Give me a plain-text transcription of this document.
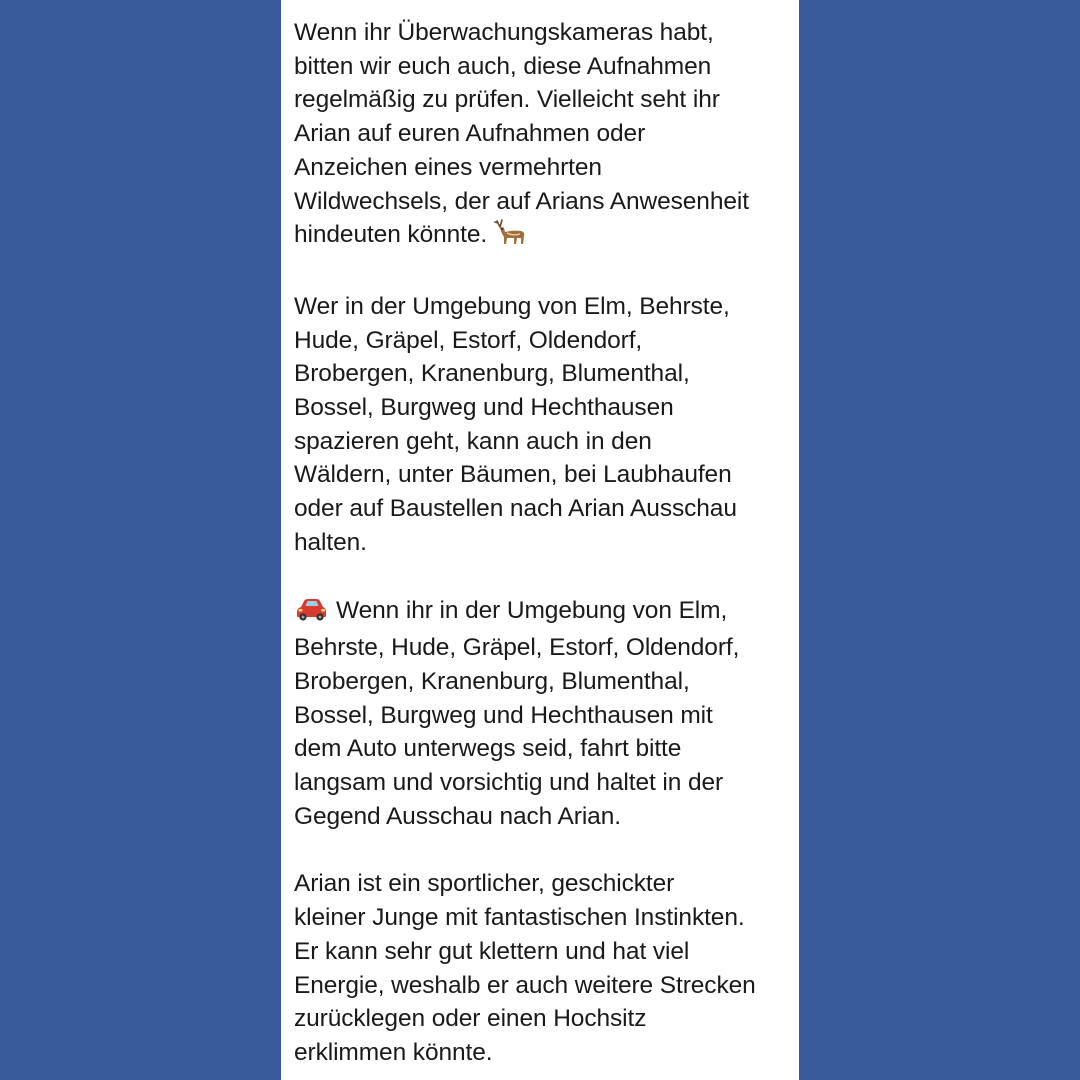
Wenn ihr Überwachungskameras habt,
bitten wir euch auch, diese Aufnahmen
regelmäßig zu prüfen. Vielleicht seht ihr
Arian auf euren Aufnahmen oder
Anzeichen eines vermehrten
Wildwechsels, der auf Arians Anwesenheit
hindeuten könnte.

Wer in der Umgebung von Elm, Behrste,
Hude, Gräpel, Estorf, Oldendorf,
Brobergen, Kranenburg, Blumenthal,
Bossel, Burgweg und Hechthausen
spazieren geht, kann auch in den
Wäldern, unter Bäumen, bei Laubhaufen
oder auf Baustellen nach Arian Ausschau
halten.

Wenn ihr in der Umgebung von Elm,
Behrste, Hude, Gräpel, Estorf, Oldendorf,
Brobergen, Kranenburg, Blumenthal,
Bossel, Burgweg und Hechthausen mit
dem Auto unterwegs seid, fahrt bitte
langsam und vorsichtig und haltet in der
Gegend Ausschau nach Arian.

Arian ist ein sportlicher, geschickter
kleiner Junge mit fantastischen Instinkten.
Er kann sehr gut klettern und hat viel
Energie, weshalb er auch weitere Strecken
zurücklegen oder einen Hochsitz
erklimmen könnte.
